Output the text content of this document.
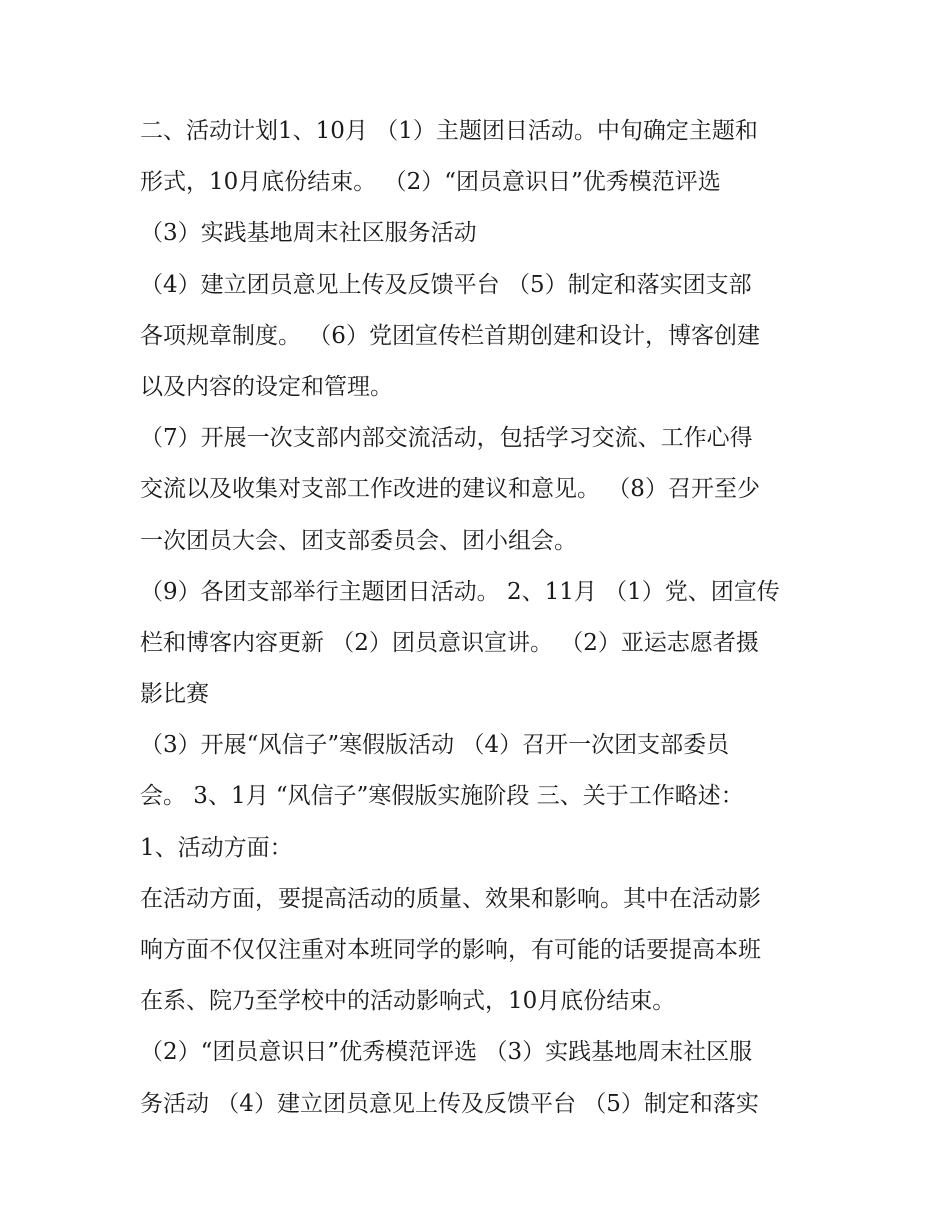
二、活动计划1、10月 （1）主题团日活动。中旬确定主题和
形式，10月底份结束。 （2）“团员意识日”优秀模范评选
（3）实践基地周末社区服务活动
（4）建立团员意见上传及反馈平台 （5）制定和落实团支部
各项规章制度。 （6）党团宣传栏首期创建和设计，博客创建
以及内容的设定和管理。
（7）开展一次支部内部交流活动，包括学习交流、工作心得
交流以及收集对支部工作改进的建议和意见。 （8）召开至少
一次团员大会、团支部委员会、团小组会。
（9）各团支部举行主题团日活动。 2、11月 （1）党、团宣传
栏和博客内容更新 （2）团员意识宣讲。 （2）亚运志愿者摄
影比赛
（3）开展“风信子”寒假版活动 （4）召开一次团支部委员
会。 3、1月 “风信子”寒假版实施阶段 三、关于工作略述：
1、活动方面：
在活动方面，要提高活动的质量、效果和影响。其中在活动影
响方面不仅仅注重对本班同学的影响，有可能的话要提高本班
在系、院乃至学校中的活动影响式，10月底份结束。
（2）“团员意识日”优秀模范评选 （3）实践基地周末社区服
务活动 （4）建立团员意见上传及反馈平台 （5）制定和落实
